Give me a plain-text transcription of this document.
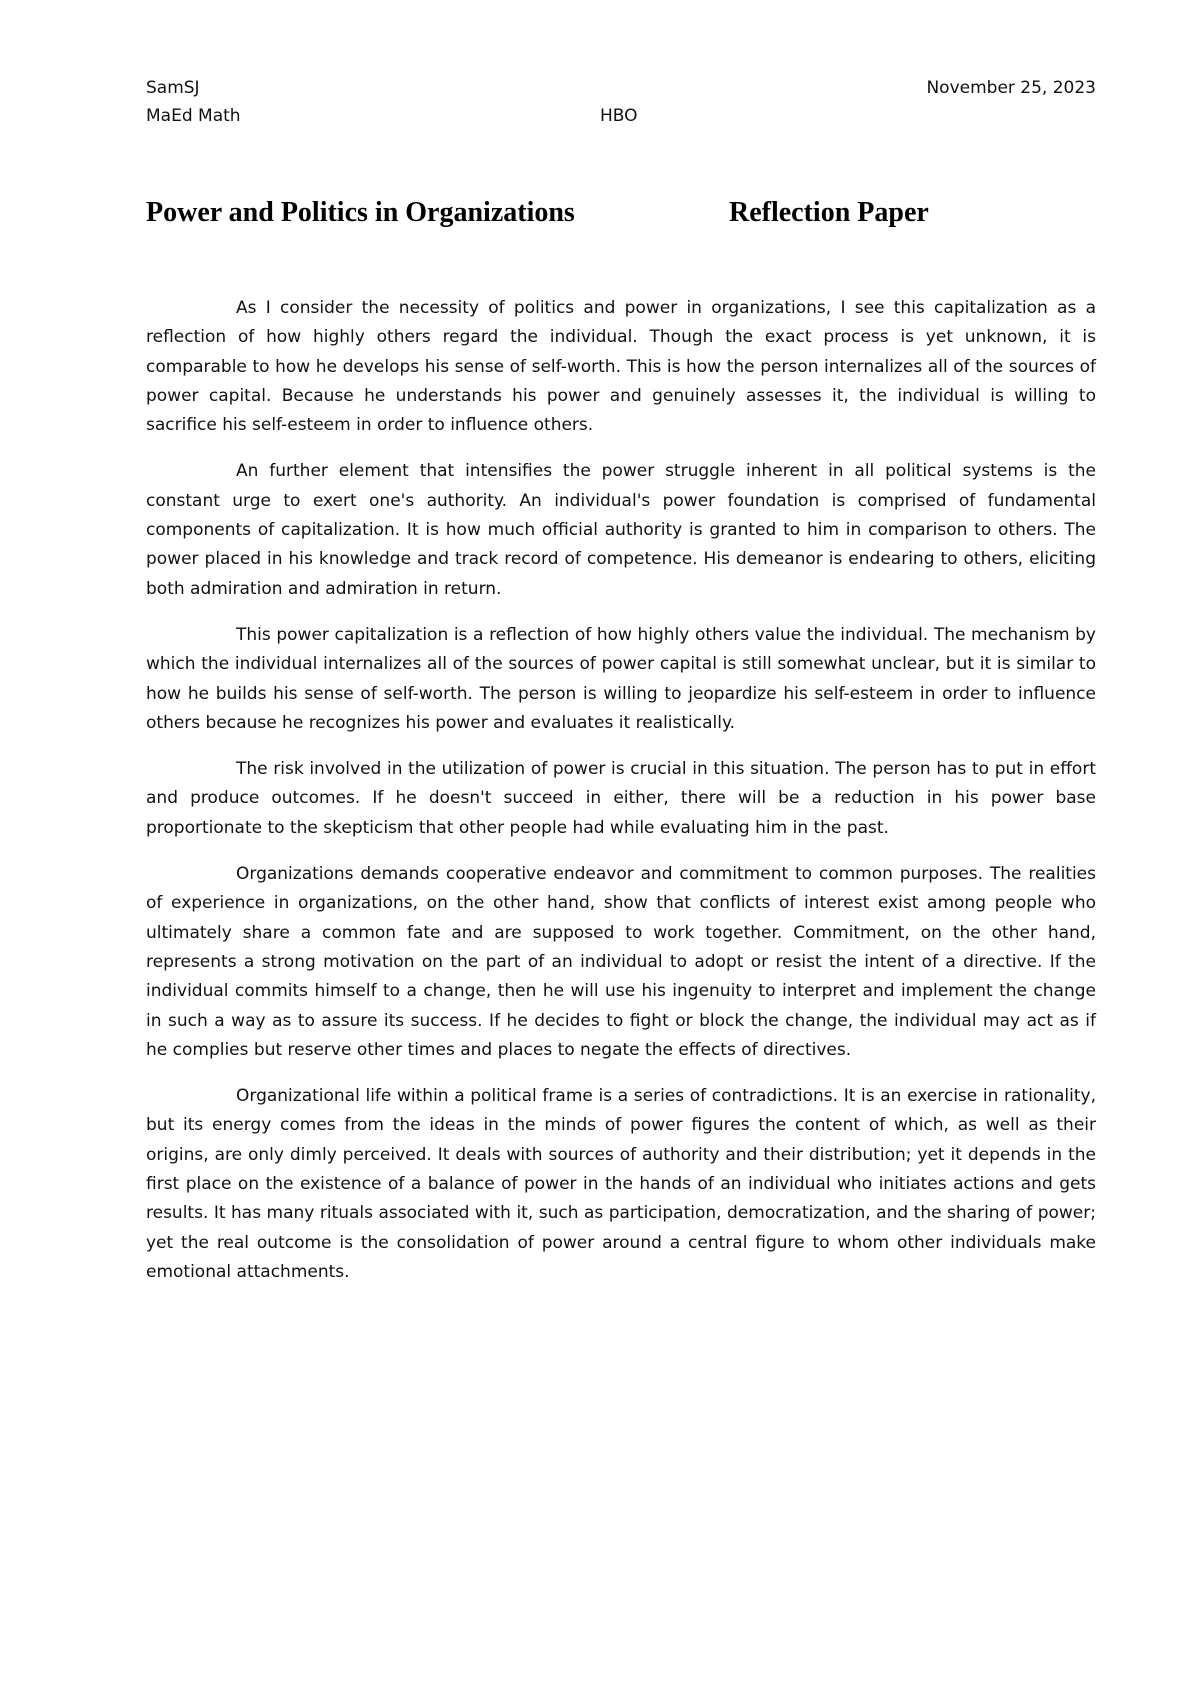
SamSJ
MaEd Math	HBO
November 25, 2023
Power and Politics in Organizations	Reflection Paper

As I consider the necessity of politics and power in organizations, I see this capitalization as a reflection of how highly others regard the individual. Though the exact process is yet unknown, it is comparable to how he develops his sense of self-worth. This is how the person internalizes all of the sources of power capital. Because he understands his power and genuinely assesses it, the individual is willing to sacrifice his self-esteem in order to influence others.

An further element that intensifies the power struggle inherent in all political systems is the constant urge to exert one's authority. An individual's power foundation is comprised of fundamental components of capitalization. It is how much official authority is granted to him in comparison to others. The power placed in his knowledge and track record of competence. His demeanor is endearing to others, eliciting both admiration and admiration in return.

This power capitalization is a reflection of how highly others value the individual. The mechanism by which the individual internalizes all of the sources of power capital is still somewhat unclear, but it is similar to how he builds his sense of self-worth. The person is willing to jeopardize his self-esteem in order to influence others because he recognizes his power and evaluates it realistically.

The risk involved in the utilization of power is crucial in this situation. The person has to put in effort and produce outcomes. If he doesn't succeed in either, there will be a reduction in his power base proportionate to the skepticism that other people had while evaluating him in the past.

Organizations demands cooperative endeavor and commitment to common purposes. The realities of experience in organizations, on the other hand, show that conflicts of interest exist among people who ultimately share a common fate and are supposed to work together. Commitment, on the other hand, represents a strong motivation on the part of an individual to adopt or resist the intent of a directive. If the individual commits himself to a change, then he will use his ingenuity to interpret and implement the change in such a way as to assure its success. If he decides to fight or block the change, the individual may act as if he complies but reserve other times and places to negate the effects of directives.

Organizational life within a political frame is a series of contradictions. It is an exercise in rationality, but its energy comes from the ideas in the minds of power figures the content of which, as well as their origins, are only dimly perceived. It deals with sources of authority and their distribution; yet it depends in the first place on the existence of a balance of power in the hands of an individual who initiates actions and gets results. It has many rituals associated with it, such as participation, democratization, and the sharing of power; yet the real outcome is the consolidation of power around a central figure to whom other individuals make emotional attachments.
